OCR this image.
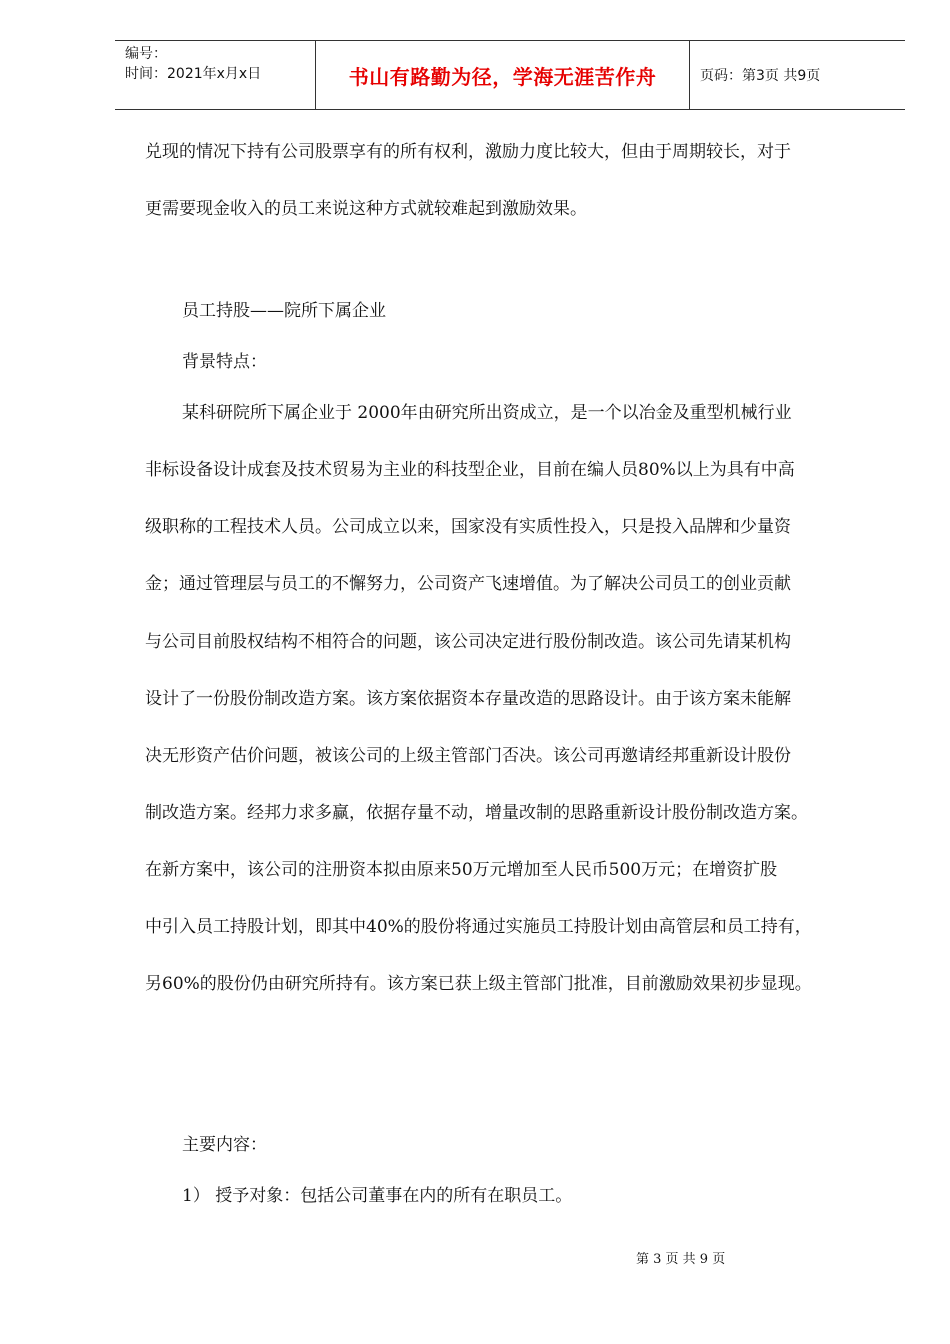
编号：
时间：2021年x月x日	书山有路勤为径，学海无涯苦作舟	页码：第3页 共9页
兑现的情况下持有公司股票享有的所有权利，激励力度比较大，但由于周期较长，对于
更需要现金收入的员工来说这种方式就较难起到激励效果。
员工持股——院所下属企业
背景特点：
某科研院所下属企业于 2000年由研究所出资成立，是一个以冶金及重型机械行业
非标设备设计成套及技术贸易为主业的科技型企业，目前在编人员80%以上为具有中高
级职称的工程技术人员。公司成立以来，国家没有实质性投入，只是投入品牌和少量资
金；通过管理层与员工的不懈努力，公司资产飞速增值。为了解决公司员工的创业贡献
与公司目前股权结构不相符合的问题，该公司决定进行股份制改造。该公司先请某机构
设计了一份股份制改造方案。该方案依据资本存量改造的思路设计。由于该方案未能解
决无形资产估价问题，被该公司的上级主管部门否决。该公司再邀请经邦重新设计股份
制改造方案。经邦力求多赢，依据存量不动，增量改制的思路重新设计股份制改造方案。
在新方案中，该公司的注册资本拟由原来50万元增加至人民币500万元；在增资扩股
中引入员工持股计划，即其中40%的股份将通过实施员工持股计划由高管层和员工持有，
另60%的股份仍由研究所持有。该方案已获上级主管部门批准，目前激励效果初步显现。
主要内容：
1） 授予对象：包括公司董事在内的所有在职员工。
第 3 页 共 9 页
